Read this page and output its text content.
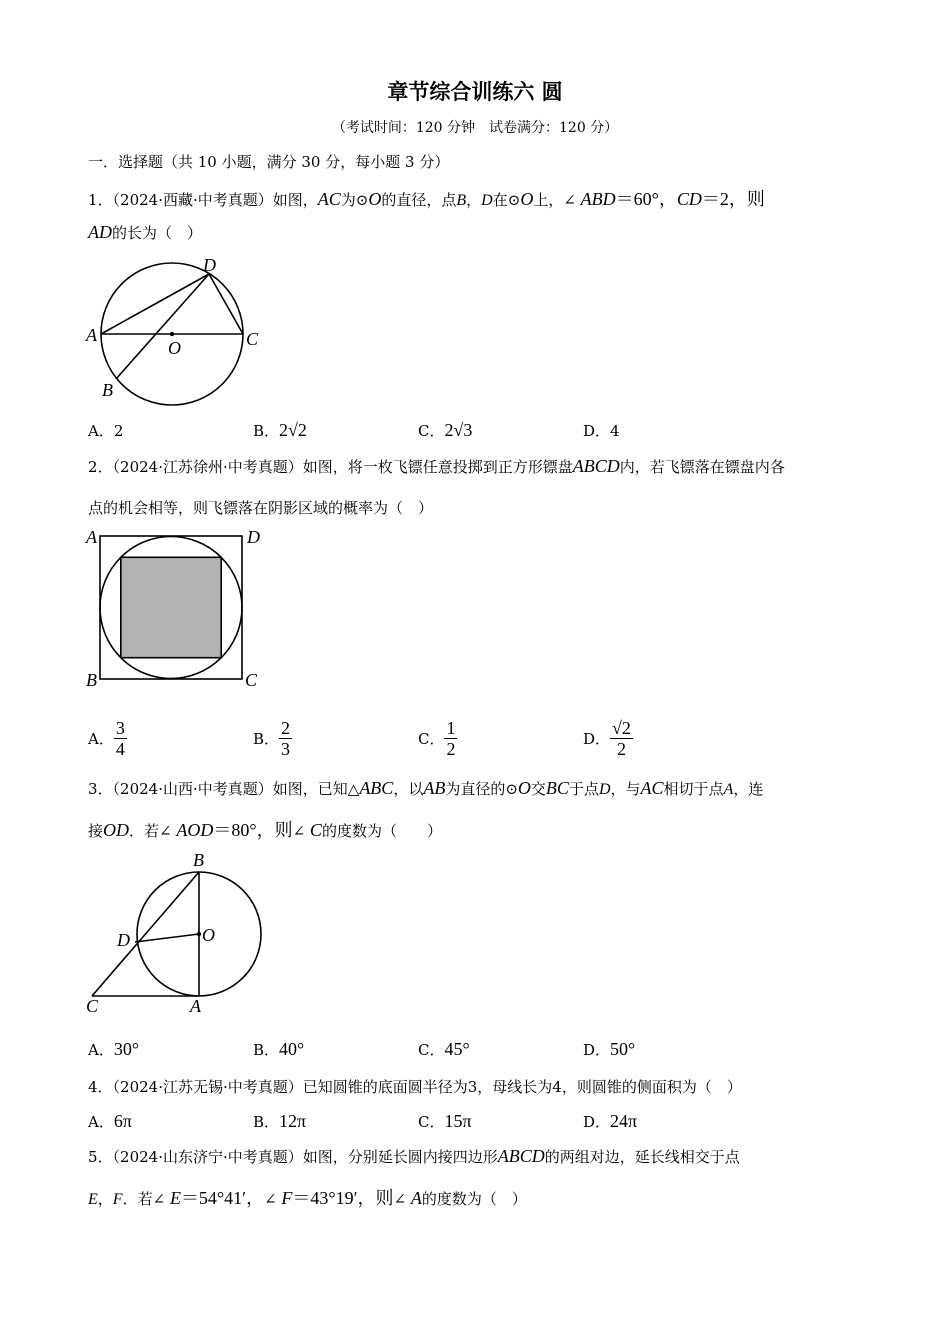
章节综合训练六 圆
（考试时间：120 分钟　试卷满分：120 分）
一．选择题（共 10 小题，满分 30 分，每小题 3 分）
1．（2024·西藏·中考真题）如图，AC为⊙O的直径，点B，D在⊙O上，∠ ABD＝60°，CD＝2，则
AD的长为（　）
A
B
C
D
O
A．2	B．2√2	C．2√3	D．4
2．（2024·江苏徐州·中考真题）如图，将一枚飞镖任意投掷到正方形镖盘ABCD内，若飞镖落在镖盘内各
点的机会相等，则飞镖落在阴影区域的概率为（　）
A	D
B	C
A． $\frac{3}{4}$	B． $\frac{2}{3}$	C． $\frac{1}{2}$	D． $\frac{√2}{2}$
3．（2024·山西·中考真题）如图，已知△ABC，以AB为直径的⊙O交BC于点D，与AC相切于点A，连
接OD．若∠ AOD＝80°，则∠ C的度数为（　　）
B
O
D
C	A
A．30°	B．40°	C．45°	D．50°
4．（2024·江苏无锡·中考真题）已知圆锥的底面圆半径为3，母线长为4，则圆锥的侧面积为（　）
A．6π	B．12π	C．15π	D．24π
5．（2024·山东济宁·中考真题）如图，分别延长圆内接四边形ABCD的两组对边，延长线相交于点
E，F．若∠ E＝54°41′，∠ F＝43°19′，则∠ A的度数为（　）
